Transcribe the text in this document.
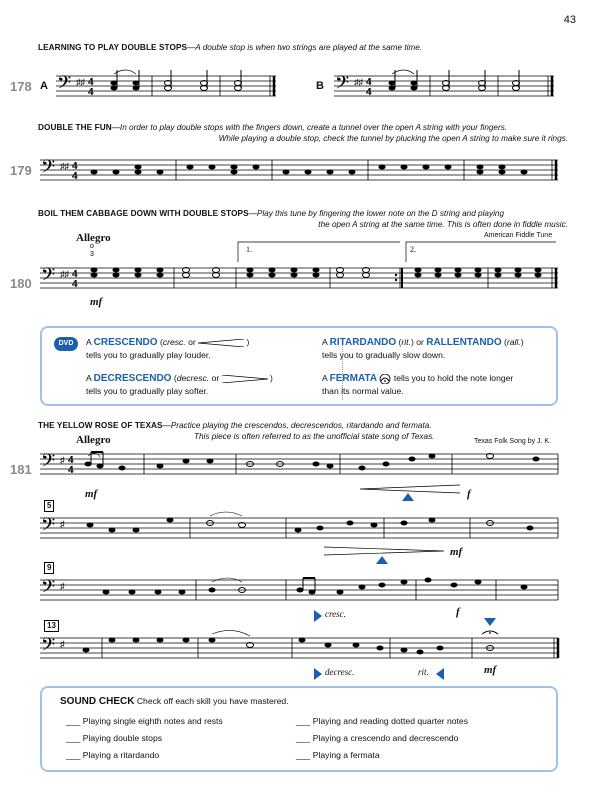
43
LEARNING TO PLAY DOUBLE STOPS—A double stop is when two strings are played at the same time.
178 A	B
𝄢 ♯♯ 4
4	𝄢 ♯♯ 4
4
DOUBLE THE FUN—In order to play double stops with the fingers down, create a tunnel over the open A string with your fingers.
While playing a double stop, check the tunnel by plucking the open A string to make sure it rings.
179 𝄢 ♯♯ 4
4
BOIL THEM CABBAGE DOWN WITH DOUBLE STOPS—Play this tune by fingering the lower note on the D string and playing
the open A string at the same time. This is often done in fiddle music.
Allegro	American Fiddle Tune
180
mf
𝄢 ♯♯ 4
4
o
3
1.	2.
DVD	A CRESCENDO (cresc. or	)
tells you to gradually play louder.
A DECRESCENDO (decresc. or	)
tells you to gradually play softer.
A RITARDANDO (rit.) or RALLENTANDO (rall.)
tells you to gradually slow down.
A FERMATA tells you to hold the note longer
than its normal value.
THE YELLOW ROSE OF TEXAS—Practice playing the crescendos, decrescendos, ritardando and fermata.
This piece is often referred to as the unofficial state song of Texas.
Allegro	Texas Folk Song by J. K.
181 𝄢 ♯ 4
4
mf	f
5
𝄢 ♯
mf
9
𝄢 ♯
cresc.	f
13
𝄢 ♯
decresc.	rit.	mf
SOUND CHECK Check off each skill you have mastered.
___ Playing single eighth notes and rests
___ Playing double stops
___ Playing a ritardando
___ Playing and reading dotted quarter notes
___ Playing a crescendo and decrescendo
___ Playing a fermata
